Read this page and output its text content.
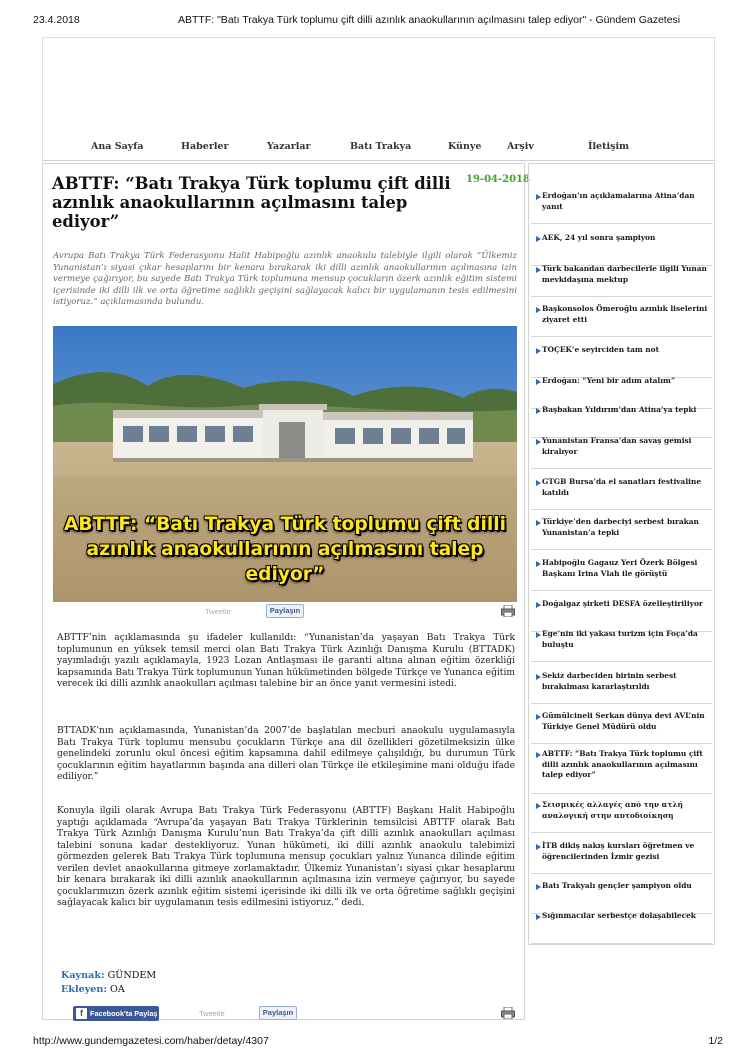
23.4.2018	ABTTF: "Batı Trakya Türk toplumu çift dilli azınlık anaokullarının açılmasını talep ediyor" - Gündem Gazetesi
Ana Sayfa	Haberler	Yazarlar	Batı Trakya	Künye	Arşiv	İletişim
ABTTF: “Batı Trakya Türk toplumu çift dilli azınlık anaokullarının açılmasını talep ediyor”
19-04-2018

Avrupa Batı Trakya Türk Federasyonu Halit Habipoğlu azınlık anaokulu talebiyle ilgili olarak “Ülkemiz Yunanistan’ı siyasi çıkar hesaplarını bir kenara bırakarak iki dilli azınlık anaokullarının açılmasına izin vermeye çağırıyor, bu sayede Batı Trakya Türk toplumuna mensup çocukların özerk azınlık eğitim sistemi içerisinde iki dilli ilk ve orta öğretime sağlıklı geçişini sağlayacak kalıcı bir uygulamanın tesis edilmesini istiyoruz.” açıklamasında bulundu.

ABTTF: “Batı Trakya Türk toplumu çift dilli azınlık anaokullarının açılmasını talep ediyor”
Tweetle	Paylaşın

ABTTF’nin açıklamasında şu ifadeler kullanıldı: “Yunanistan’da yaşayan Batı Trakya Türk toplumunun en yüksek temsil merci olan Batı Trakya Türk Azınlığı Danışma Kurulu (BTTADK) yayımladığı yazılı açıklamayla, 1923 Lozan Antlaşması ile garanti altına alınan eğitim özerkliği kapsamında Batı Trakya Türk toplumunun Yunan hükümetinden bölgede Türkçe ve Yunanca eğitim verecek iki dilli azınlık anaokulları açılması talebine bir an önce yanıt vermesini istedi.

BTTADK’nın açıklamasında, Yunanistan’da 2007’de başlatılan mecburi anaokulu uygulamasıyla Batı Trakya Türk toplumu mensubu çocukların Türkçe ana dil özellikleri gözetilmeksizin ülke genelindeki zorunlu okul öncesi eğitim kapsamına dahil edilmeye çalışıldığı, bu durumun Türk çocuklarının eğitim hayatlarının başında ana dilleri olan Türkçe ile etkileşimine mani olduğu ifade ediliyor.”

Konuyla ilgili olarak Avrupa Batı Trakya Türk Federasyonu (ABTTF) Başkanı Halit Habipoğlu yaptığı açıklamada “Avrupa’da yaşayan Batı Trakya Türklerinin temsilcisi ABTTF olarak Batı Trakya Türk Azınlığı Danışma Kurulu’nun Batı Trakya’da çift dilli azınlık anaokulları açılması talebini sonuna kadar destekliyoruz. Yunan hükümeti, iki dilli azınlık anaokulu talebimizi görmezden gelerek Batı Trakya Türk toplumuna mensup çocukları yalnız Yunanca dilinde eğitim verilen devlet anaokullarına gitmeye zorlamaktadır. Ülkemiz Yunanistan’ı siyasi çıkar hesaplarını bir kenara bırakarak iki dilli azınlık anaokullarının açılmasına izin vermeye çağırıyor, bu sayede çocuklarımızın özerk azınlık eğitim sistemi içerisinde iki dilli ilk ve orta öğretime sağlıklı geçişini sağlayacak kalıcı bir uygulamanın tesis edilmesini istiyoruz.” dedi.

Kaynak: GÜNDEM
Ekleyen: OA
f Facebook'ta Paylaş	Tweetle	Paylaşın
Erdoğan’ın açıklamalarına Atina’dan yanıt
AEK, 24 yıl sonra şampiyon
Türk bakandan darbecilerle ilgili Yunan mevkidaşına mektup
Başkonsolos Ömeroğlu azınlık liselerini ziyaret etti
TOÇEK’e seyirciden tam not
Erdoğan: “Yeni bir adım atalım”
Başbakan Yıldırım’dan Atina’ya tepki
Yunanistan Fransa’dan savaş gemisi kiralıyor
GTGB Bursa’da el sanatları festivaline katıldı
Türkiye’den darbeciyi serbest bırakan Yunanistan’a tepki
Habipoğlu Gagauz Yeri Özerk Bölgesi Başkanı Irina Vlah ile görüştü
Doğalgaz şirketi DESFA özelleştiriliyor
Ege’nin iki yakası turizm için Foça’da buluştu
Sekiz darbeciden birinin serbest bırakılması kararlaştırıldı
Gümülcineli Serkan dünya devi AVL’nin Türkiye Genel Müdürü oldu
ABTTF: “Batı Trakya Türk toplumu çift dilli azınlık anaokullarının açılmasını talep ediyor”
Σεισμικές αλλαγές από την ατλή αναλογική στην αυτοδιοίκηση
İTB dikiş nakış kursları öğretmen ve öğrencilerinden İzmir gezisi
Batı Trakyalı gençler şampiyon oldu
Sığınmacılar serbestçe dolaşabilecek
http://www.gundemgazetesi.com/haber/detay/4307	1/2
